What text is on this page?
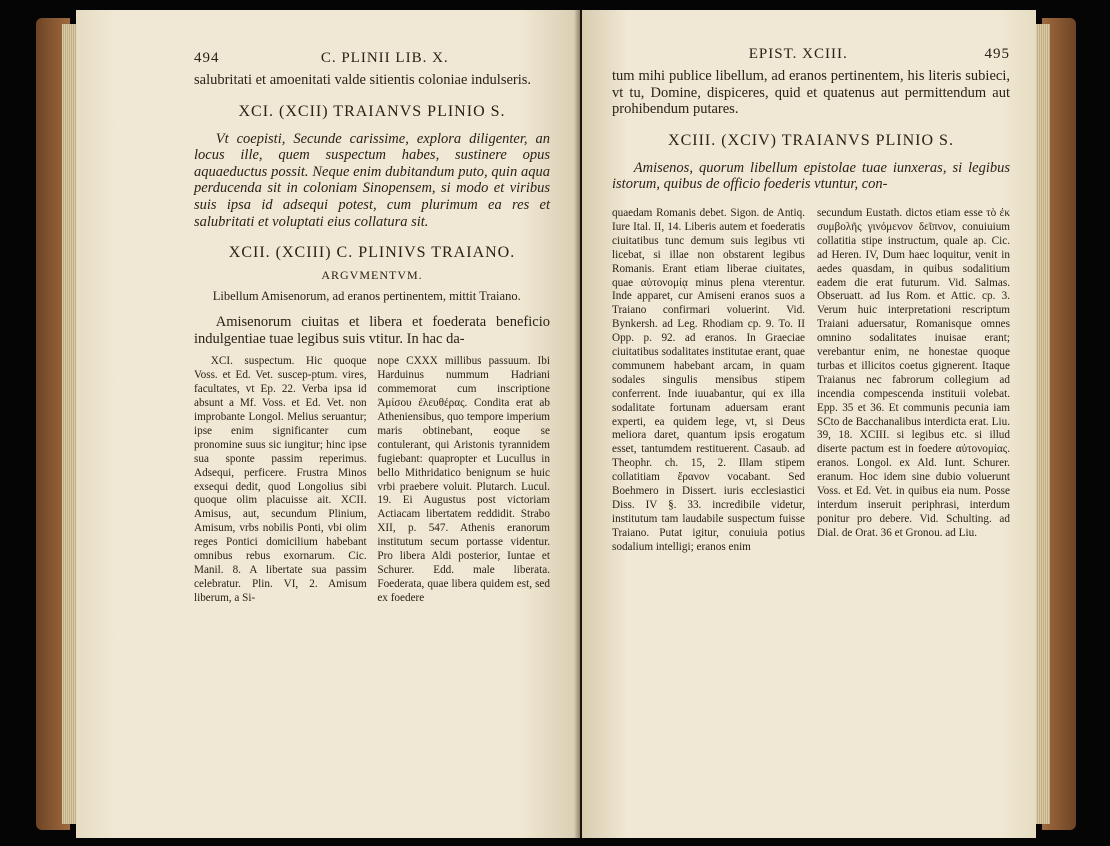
494	C. PLINII LIB. X.

salubritati et amoenitati valde sitientis coloniae indulseris.

XCI. (XCII) TRAIANVS PLINIO S.

Vt coepisti, Secunde carissime, explora diligenter, an locus ille, quem suspectum habes, sustinere opus aquaeductus possit. Neque enim dubitandum puto, quin aqua perducenda sit in coloniam Sinopensem, si modo et viribus suis ipsa id adsequi potest, cum plurimum ea res et salubritati et voluptati eius collatura sit.

XCII. (XCIII) C. PLINIVS TRAIANO.
ARGVMENTVM.

Libellum Amisenorum, ad eranos pertinentem, mittit Traiano.

Amisenorum ciuitas et libera et foederata beneficio indulgentiae tuae legibus suis vtitur. In hac da-

XCI. suspectum. Hic quoque Voss. et Ed. Vet. suscep-ptum. vires, facultates, vt Ep. 22. Verba ipsa id absunt a Mf. Voss. et Ed. Vet. non improbante Longol. Melius seruantur; ipse enim significanter cum pronomine suus sic iungitur; hinc ipse sua sponte passim reperimus. Adsequi, perficere. Frustra Minos exsequi dedit, quod Longolius sibi quoque olim placuisse ait. XCII. Amisus, aut, secundum Plinium, Amisum, vrbs nobilis Ponti, vbi olim reges Pontici domicilium habebant omnibus rebus exornarum. Cic. Manil. 8. A libertate sua passim celebratur. Plin. VI, 2. Amisum liberum, a Si-

nope CXXX millibus passuum. Ibi Harduinus nummum Hadriani commemorat cum inscriptione Ἀμίσου ἐλευθέρας. Condita erat ab Atheniensibus, quo tempore imperium maris obtinebant, eoque se contulerant, qui Aristonis tyrannidem fugiebant: quapropter et Lucullus in bello Mithridatico benignum se huic vrbi praebere voluit. Plutarch. Lucul. 19. Ei Augustus post victoriam Actiacam libertatem reddidit. Strabo XII, p. 547. Athenis eranorum institutum secum portasse videntur. Pro libera Aldi posterior, Iuntae et Schurer. Edd. male liberata. Foederata, quae libera quidem est, sed ex foedere

EPIST. XCIII.	495

tum mihi publice libellum, ad eranos pertinentem, his literis subieci, vt tu, Domine, dispiceres, quid et quatenus aut permittendum aut prohibendum putares.

XCIII. (XCIV) TRAIANVS PLINIO S.

Amisenos, quorum libellum epistolae tuae iunxeras, si legibus istorum, quibus de officio foederis vtuntur, con-

quaedam Romanis debet. Sigon. de Antiq. Iure Ital. II, 14. Liberis autem et foederatis ciuitatibus tunc demum suis legibus vti licebat, si illae non obstarent legibus Romanis. Erant etiam liberae ciuitates, quae αὐτονομίᾳ minus plena vterentur. Inde apparet, cur Amiseni eranos suos a Traiano confirmari voluerint. Vid. Bynkersh. ad Leg. Rhodiam cp. 9. To. II Opp. p. 92. ad eranos. In Graeciae ciuitatibus sodalitates institutae erant, quae communem habebant arcam, in quam sodales singulis mensibus stipem conferrent. Inde iuuabantur, qui ex illa sodalitate fortunam aduersam erant experti, ea quidem lege, vt, si Deus meliora daret, quantum ipsis erogatum esset, tantumdem restituerent. Casaub. ad Theophr. ch. 15, 2. Illam stipem collatitiam ἔρανον vocabant. Sed Boehmero in Dissert. iuris ecclesiastici Diss. IV §. 33. incredibile videtur, institutum tam laudabile suspectum fuisse Traiano. Putat igitur, conuiuia potius sodalium intelligi; eranos enim

secundum Eustath. dictos etiam esse τὸ ἐκ συμβολῆς γινόμενον δεῖπνον, conuiuium collatitia stipe instructum, quale ap. Cic. ad Heren. IV, Dum haec loquitur, venit in aedes quasdam, in quibus sodalitium eadem die erat futurum. Vid. Salmas. Obseruatt. ad Ius Rom. et Attic. cp. 3. Verum huic interpretationi rescriptum Traiani aduersatur, Romanisque omnes omnino sodalitates inuisae erant; verebantur enim, ne honestae quoque turbas et illicitos coetus gignerent. Itaque Traianus nec fabrorum collegium ad incendia compescenda instituii volebat. Epp. 35 et 36. Et communis pecunia iam SCto de Bacchanalibus interdicta erat. Liu. 39, 18. XCIII. si legibus etc. si illud diserte pactum est in foedere αὐτονομίας. eranos. Longol. ex Ald. Iunt. Schurer. eranum. Hoc idem sine dubio voluerunt Voss. et Ed. Vet. in quibus eia num. Posse interdum inseruit periphrasi, interdum ponitur pro debere. Vid. Schulting. ad Dial. de Orat. 36 et Gronou. ad Liu.
